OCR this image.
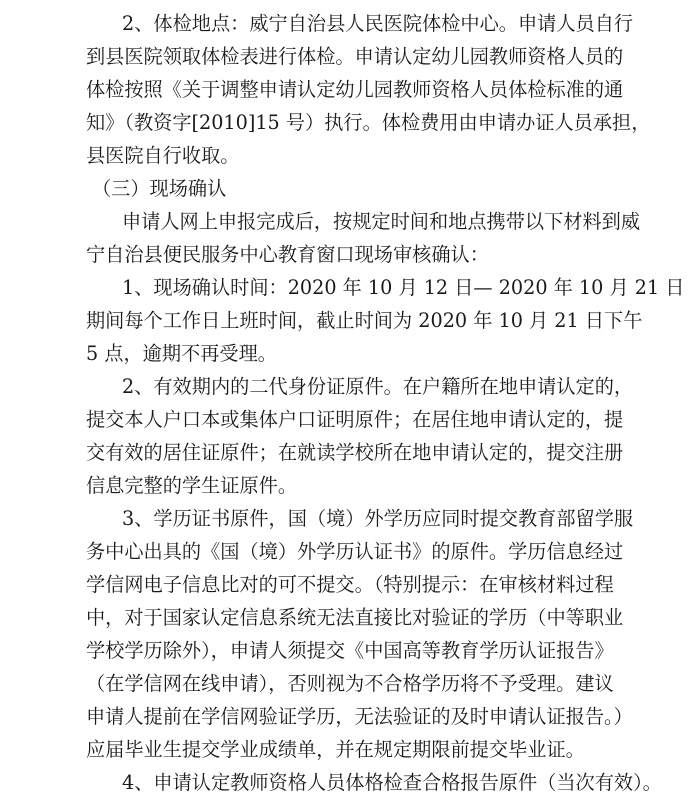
2、体检地点：威宁自治县人民医院体检中心。申请人员自行
到县医院领取体检表进行体检。申请认定幼儿园教师资格人员的
体检按照《关于调整申请认定幼儿园教师资格人员体检标准的通
知》（教资字[2010]15 号）执行。体检费用由申请办证人员承担，
县医院自行收取。
（三）现场确认
申请人网上申报完成后，按规定时间和地点携带以下材料到威
宁自治县便民服务中心教育窗口现场审核确认：
1、现场确认时间：2020 年 10 月 12 日— 2020 年 10 月 21 日
期间每个工作日上班时间，截止时间为 2020 年 10 月 21 日下午
5 点，逾期不再受理。
2、有效期内的二代身份证原件。在户籍所在地申请认定的，
提交本人户口本或集体户口证明原件；在居住地申请认定的，提
交有效的居住证原件；在就读学校所在地申请认定的，提交注册
信息完整的学生证原件。
3、学历证书原件，国（境）外学历应同时提交教育部留学服
务中心出具的《国（境）外学历认证书》的原件。学历信息经过
学信网电子信息比对的可不提交。（特别提示：在审核材料过程
中，对于国家认定信息系统无法直接比对验证的学历（中等职业
学校学历除外），申请人须提交《中国高等教育学历认证报告》
（在学信网在线申请），否则视为不合格学历将不予受理。建议
申请人提前在学信网验证学历，无法验证的及时申请认证报告。）
应届毕业生提交学业成绩单，并在规定期限前提交毕业证。
4、申请认定教师资格人员体格检查合格报告原件（当次有效）。
